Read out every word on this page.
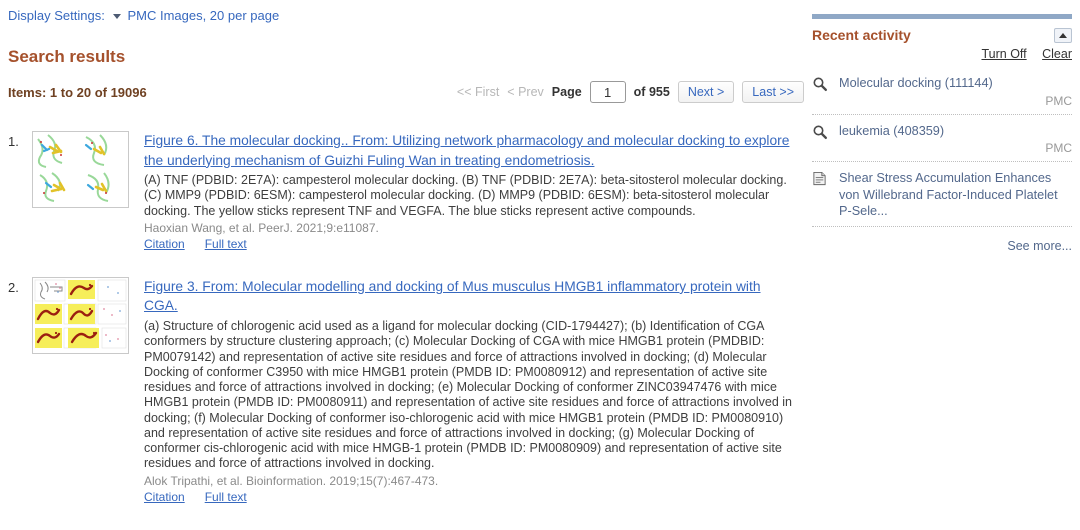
Display Settings:	PMC Images, 20 per page
Search results
Items: 1 to 20 of 19096	<< First < Prev Page
1	of 955	Next >	Last >>
1.	Figure 6. The molecular docking.. From: Utilizing network pharmacology and molecular docking to explore the underlying mechanism of Guizhi Fuling Wan in treating endometriosis.
(A) TNF (PDBID: 2E7A): campesterol molecular docking. (B) TNF (PDBID: 2E7A): beta-sitosterol molecular docking. (C) MMP9 (PDBID: 6ESM): campesterol molecular docking. (D) MMP9 (PDBID: 6ESM): beta-sitosterol molecular docking. The yellow sticks represent TNF and VEGFA. The blue sticks represent active compounds.
Haoxian Wang, et al. PeerJ. 2021;9:e11087.
Citation Full text
2.	Figure 3. From: Molecular modelling and docking of Mus musculus HMGB1 inflammatory protein with CGA.
(a) Structure of chlorogenic acid used as a ligand for molecular docking (CID-1794427); (b) Identification of CGA conformers by structure clustering approach; (c) Molecular Docking of CGA with mice HMGB1 protein (PMDBID: PM0079142) and representation of active site residues and force of attractions involved in docking; (d) Molecular Docking of conformer C3950 with mice HMGB1 protein (PMDB ID: PM0080912) and representation of active site residues and force of attractions involved in docking; (e) Molecular Docking of conformer ZINC03947476 with mice HMGB1 protein (PMDB ID: PM0080911) and representation of active site residues and force of attractions involved in docking; (f) Molecular Docking of conformer iso-chlorogenic acid with mice HMGB1 protein (PMDB ID: PM0080910) and representation of active site residues and force of attractions involved in docking; (g) Molecular Docking of conformer cis-chlorogenic acid with mice HMGB-1 protein (PMDB ID: PM0080909) and representation of active site residues and force of attractions involved in docking.
Alok Tripathi, et al. Bioinformation. 2019;15(7):467-473.
Citation Full text
Recent activity
Turn Off Clear
Molecular docking (111144)
PMC
leukemia (408359)
PMC
Shear Stress Accumulation Enhances von Willebrand Factor-Induced Platelet P-Sele...
See more...
